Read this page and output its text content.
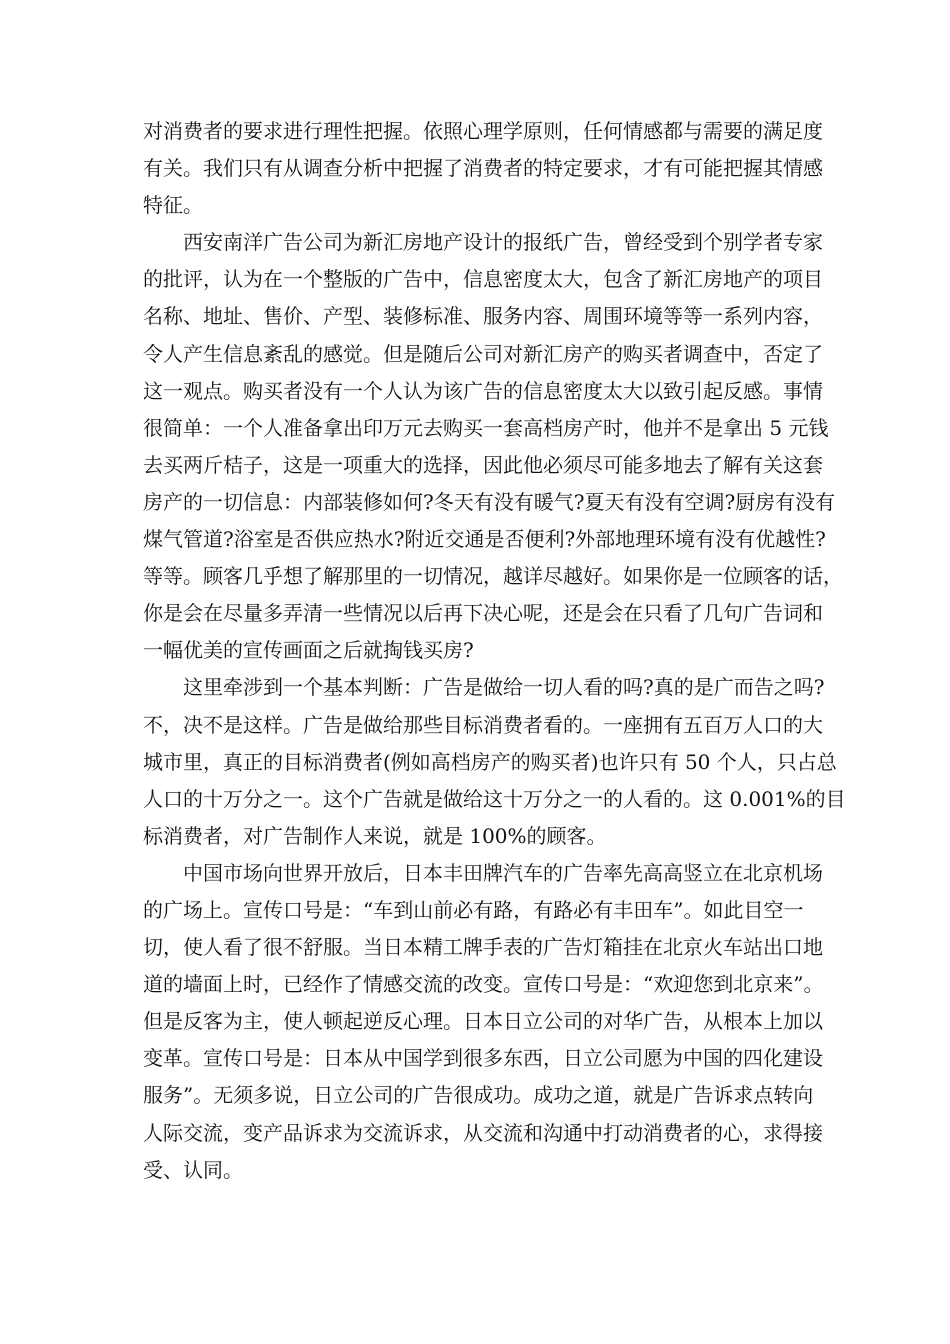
对消费者的要求进行理性把握。依照心理学原则，任何情感都与需要的满足度
有关。我们只有从调查分析中把握了消费者的特定要求，才有可能把握其情感
特征。

西安南洋广告公司为新汇房地产设计的报纸广告，曾经受到个别学者专家
的批评，认为在一个整版的广告中，信息密度太大，包含了新汇房地产的项目
名称、地址、售价、产型、装修标准、服务内容、周围环境等等一系列内容，
令人产生信息紊乱的感觉。但是随后公司对新汇房产的购买者调查中，否定了
这一观点。购买者没有一个人认为该广告的信息密度太大以致引起反感。事情
很简单：一个人准备拿出印万元去购买一套高档房产时，他并不是拿出 5 元钱
去买两斤桔子，这是一项重大的选择，因此他必须尽可能多地去了解有关这套
房产的一切信息：内部装修如何?冬天有没有暖气?夏天有没有空调?厨房有没有
煤气管道?浴室是否供应热水?附近交通是否便利?外部地理环境有没有优越性?
等等。顾客几乎想了解那里的一切情况，越详尽越好。如果你是一位顾客的话，
你是会在尽量多弄清一些情况以后再下决心呢，还是会在只看了几句广告词和
一幅优美的宣传画面之后就掏钱买房?

这里牵涉到一个基本判断：广告是做给一切人看的吗?真的是广而告之吗?
不，决不是这样。广告是做给那些目标消费者看的。一座拥有五百万人口的大
城市里，真正的目标消费者(例如高档房产的购买者)也许只有 50 个人，只占总
人口的十万分之一。这个广告就是做给这十万分之一的人看的。这 0.001%的目
标消费者，对广告制作人来说，就是 100%的顾客。

中国市场向世界开放后，日本丰田牌汽车的广告率先高高竖立在北京机场
的广场上。宣传口号是：“车到山前必有路，有路必有丰田车”。如此目空一
切，使人看了很不舒服。当日本精工牌手表的广告灯箱挂在北京火车站出口地
道的墙面上时，已经作了情感交流的改变。宣传口号是：“欢迎您到北京来”。
但是反客为主，使人顿起逆反心理。日本日立公司的对华广告，从根本上加以
变革。宣传口号是：日本从中国学到很多东西，日立公司愿为中国的四化建设
服务”。无须多说，日立公司的广告很成功。成功之道，就是广告诉求点转向
人际交流，变产品诉求为交流诉求，从交流和沟通中打动消费者的心，求得接
受、认同。
